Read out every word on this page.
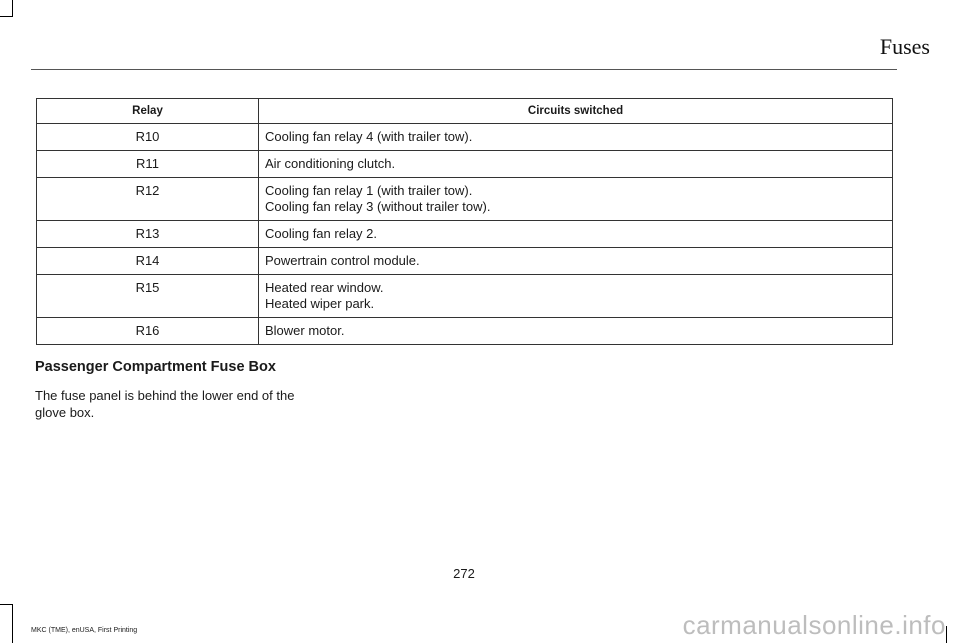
Fuses
Relay	Circuits switched
R10	Cooling fan relay 4 (with trailer tow).

R11	Air conditioning clutch.

R12	Cooling fan relay 1 (with trailer tow).
Cooling fan relay 3 (without trailer tow).

R13	Cooling fan relay 2.

R14	Powertrain control module.

R15	Heated rear window.
Heated wiper park.

R16	Blower motor.
Passenger Compartment Fuse Box
The fuse panel is behind the lower end of the glove box.
272
MKC (TME), enUSA, First Printing	carmanualsonline.info
